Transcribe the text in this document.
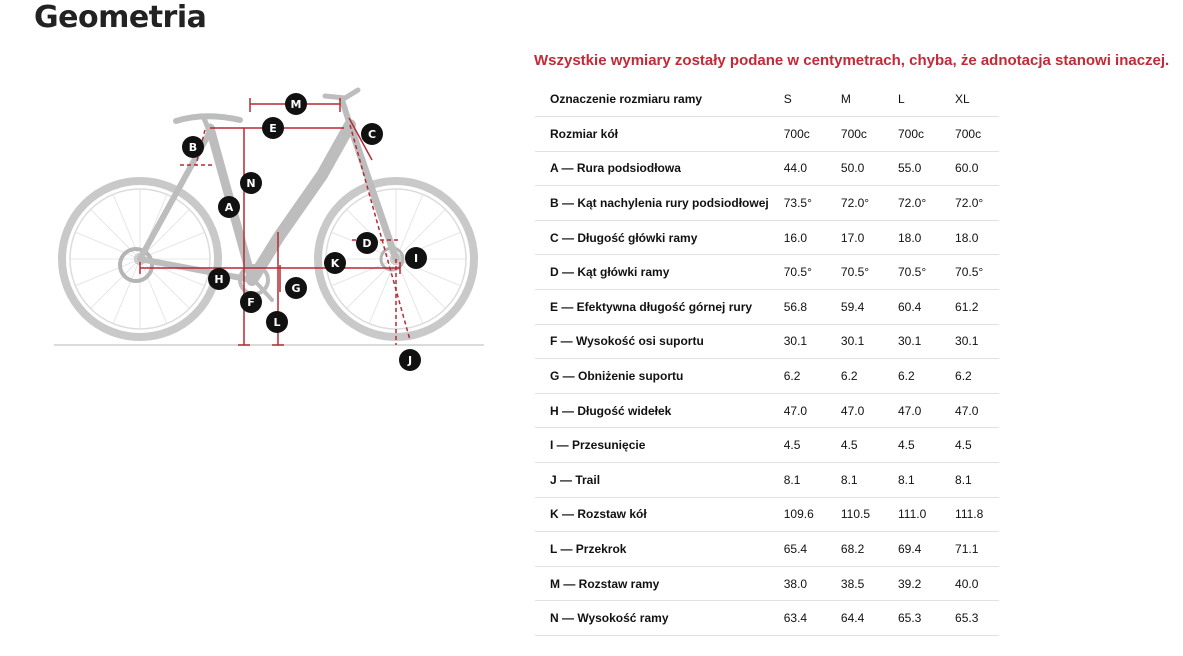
Geometria
Wszystkie wymiary zostały podane w centymetrach, chyba, że adnotacja stanowi inaczej.
A
B
C
D
E
F
G
H
I
J
K
L
M
N
Oznaczenie rozmiaru ramy	S	M	L	XL
Rozmiar kół	700c	700c	700c	700c
A — Rura podsiodłowa	44.0	50.0	55.0	60.0
B — Kąt nachylenia rury podsiodłowej	73.5°	72.0°	72.0°	72.0°
C — Długość główki ramy	16.0	17.0	18.0	18.0
D — Kąt główki ramy	70.5°	70.5°	70.5°	70.5°
E — Efektywna długość górnej rury	56.8	59.4	60.4	61.2
F — Wysokość osi suportu	30.1	30.1	30.1	30.1
G — Obniżenie suportu	6.2	6.2	6.2	6.2
H — Długość widełek	47.0	47.0	47.0	47.0
I — Przesunięcie	4.5	4.5	4.5	4.5
J — Trail	8.1	8.1	8.1	8.1
K — Rozstaw kół	109.6	110.5	111.0	111.8
L — Przekrok	65.4	68.2	69.4	71.1
M — Rozstaw ramy	38.0	38.5	39.2	40.0
N — Wysokość ramy	63.4	64.4	65.3	65.3
